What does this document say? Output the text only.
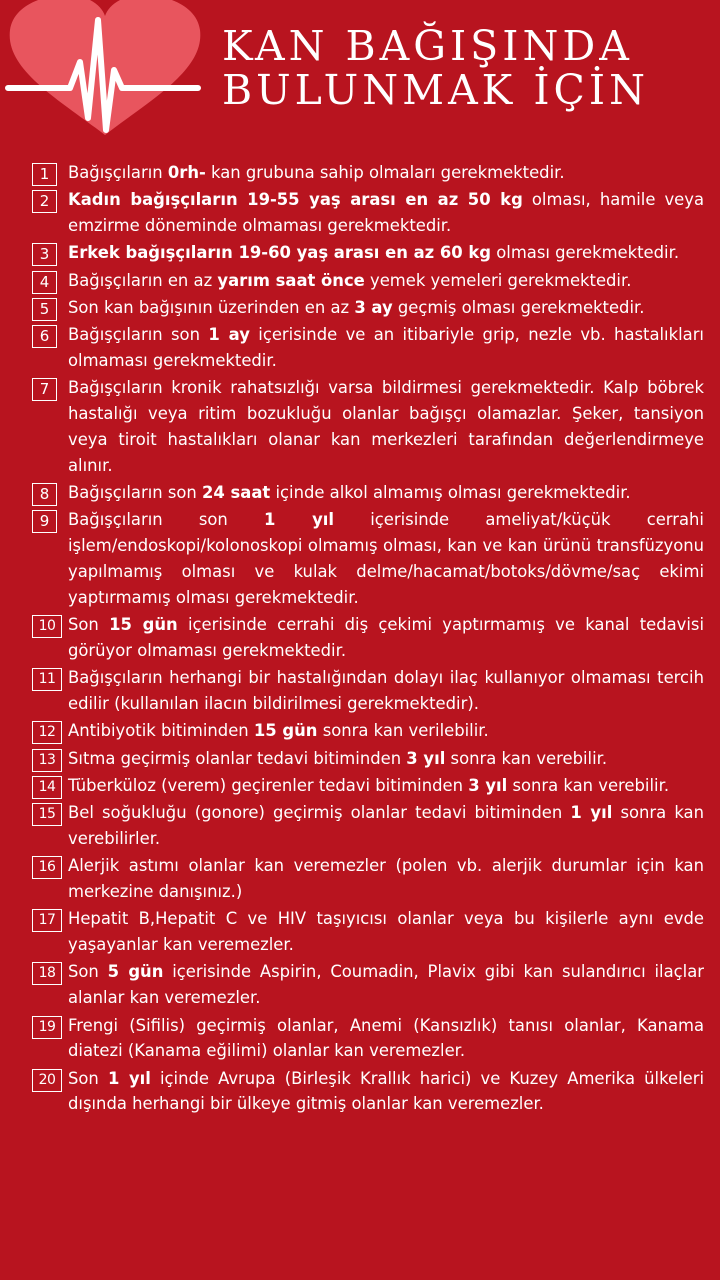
KAN BAĞIŞINDA
BULUNMAK İÇİN
1	Bağışçıların 0rh- kan grubuna sahip olmaları gerekmektedir.
2	Kadın bağışçıların 19-55 yaş arası en az 50 kg olması, hamile veya emzirme döneminde olmaması gerekmektedir.
3	Erkek bağışçıların 19-60 yaş arası en az 60 kg olması gerekmektedir.
4	Bağışçıların en az yarım saat önce yemek yemeleri gerekmektedir.
5	Son kan bağışının üzerinden en az 3 ay geçmiş olması gerekmektedir.
6	Bağışçıların son 1 ay içerisinde ve an itibariyle grip, nezle vb. hastalıkları olmaması gerekmektedir.
7	Bağışçıların kronik rahatsızlığı varsa bildirmesi gerekmektedir. Kalp böbrek hastalığı veya ritim bozukluğu olanlar bağışçı olamazlar. Şeker, tansiyon veya tiroit hastalıkları olanar kan merkezleri tarafından değerlendirmeye alınır.
8	Bağışçıların son 24 saat içinde alkol almamış olması gerekmektedir.
9	Bağışçıların son 1 yıl içerisinde ameliyat/küçük cerrahi işlem/endoskopi/kolonoskopi olmamış olması, kan ve kan ürünü transfüzyonu yapılmamış olması ve kulak delme/hacamat/botoks/dövme/saç ekimi yaptırmamış olması gerekmektedir.
10 Son 15 gün içerisinde cerrahi diş çekimi yaptırmamış ve kanal tedavisi görüyor olmaması gerekmektedir.
11 Bağışçıların herhangi bir hastalığından dolayı ilaç kullanıyor olmaması tercih edilir (kullanılan ilacın bildirilmesi gerekmektedir).
12 Antibiyotik bitiminden 15 gün sonra kan verilebilir.
13 Sıtma geçirmiş olanlar tedavi bitiminden 3 yıl sonra kan verebilir.
14 Tüberküloz (verem) geçirenler tedavi bitiminden 3 yıl sonra kan verebilir.
15 Bel soğukluğu (gonore) geçirmiş olanlar tedavi bitiminden 1 yıl sonra kan verebilirler.
16 Alerjik astımı olanlar kan veremezler (polen vb. alerjik durumlar için kan merkezine danışınız.)
17 Hepatit B,Hepatit C ve HIV taşıyıcısı olanlar veya bu kişilerle aynı evde yaşayanlar kan veremezler.
18 Son 5 gün içerisinde Aspirin, Coumadin, Plavix gibi kan sulandırıcı ilaçlar alanlar kan veremezler.
19 Frengi (Sifilis) geçirmiş olanlar, Anemi (Kansızlık) tanısı olanlar, Kanama diatezi (Kanama eğilimi) olanlar kan veremezler.
20 Son 1 yıl içinde Avrupa (Birleşik Krallık harici) ve Kuzey Amerika ülkeleri dışında herhangi bir ülkeye gitmiş olanlar kan veremezler.
